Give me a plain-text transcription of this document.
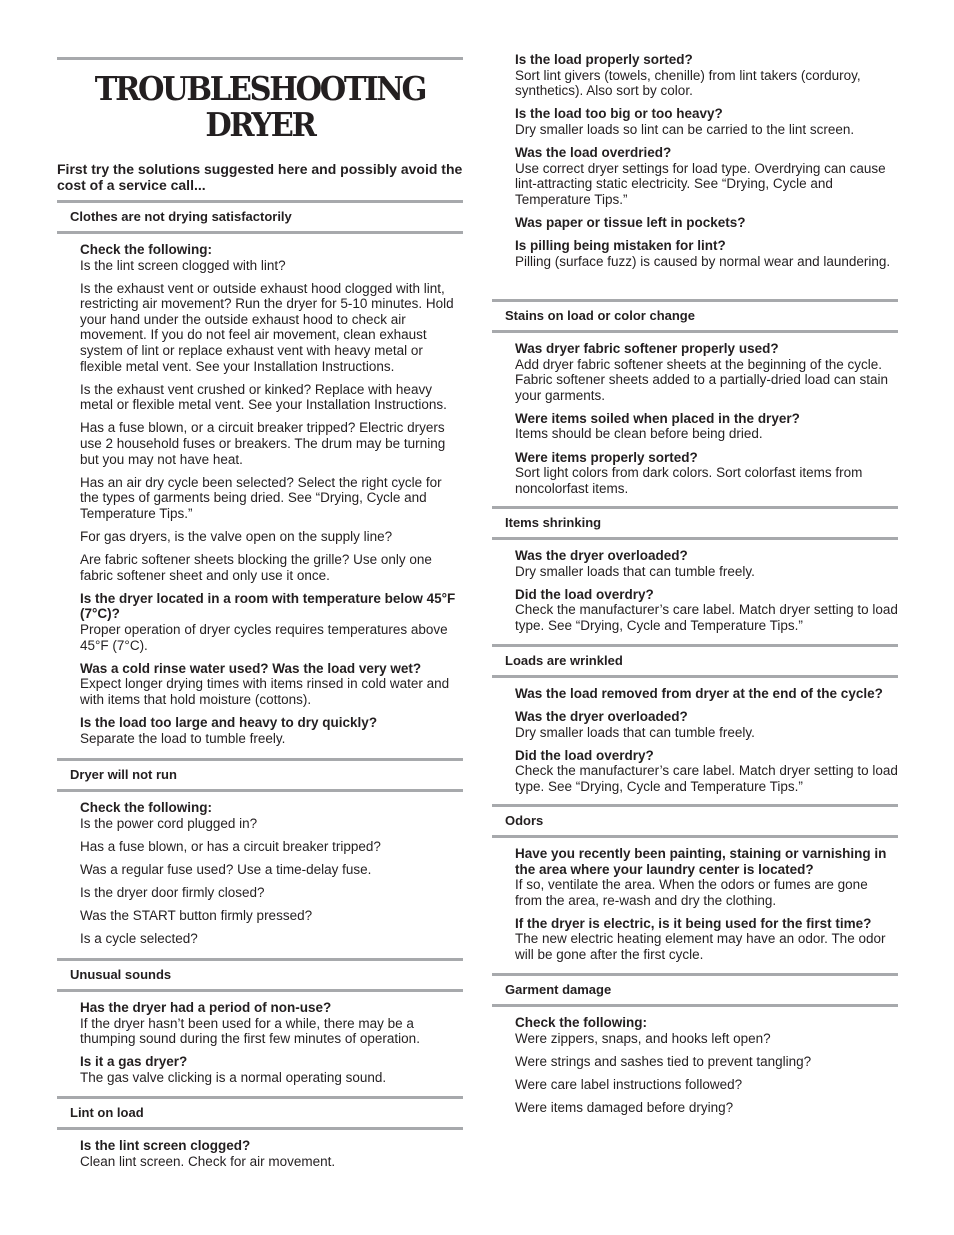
TROUBLESHOOTING
DRYER
First try the solutions suggested here and possibly avoid the cost of a service call...
Clothes are not drying satisfactorily
Check the following:
Is the lint screen clogged with lint?
Is the exhaust vent or outside exhaust hood clogged with lint, restricting air movement? Run the dryer for 5-10 minutes. Hold your hand under the outside exhaust hood to check air movement. If you do not feel air movement, clean exhaust system of lint or replace exhaust vent with heavy metal or flexible metal vent. See your Installation Instructions.
Is the exhaust vent crushed or kinked? Replace with heavy metal or flexible metal vent. See your Installation Instructions.
Has a fuse blown, or a circuit breaker tripped? Electric dryers use 2 household fuses or breakers. The drum may be turning but you may not have heat.
Has an air dry cycle been selected? Select the right cycle for the types of garments being dried. See “Drying, Cycle and Temperature Tips.”
For gas dryers, is the valve open on the supply line?
Are fabric softener sheets blocking the grille? Use only one fabric softener sheet and only use it once.
Is the dryer located in a room with temperature below 45°F (7°C)?
Proper operation of dryer cycles requires temperatures above 45°F (7°C).
Was a cold rinse water used? Was the load very wet?
Expect longer drying times with items rinsed in cold water and with items that hold moisture (cottons).
Is the load too large and heavy to dry quickly?
Separate the load to tumble freely.
Dryer will not run
Check the following:
Is the power cord plugged in?
Has a fuse blown, or has a circuit breaker tripped?
Was a regular fuse used? Use a time-delay fuse.
Is the dryer door firmly closed?
Was the START button firmly pressed?
Is a cycle selected?
Unusual sounds
Has the dryer had a period of non-use?
If the dryer hasn’t been used for a while, there may be a thumping sound during the first few minutes of operation.
Is it a gas dryer?
The gas valve clicking is a normal operating sound.
Lint on load
Is the lint screen clogged?
Clean lint screen. Check for air movement.
Is the load properly sorted?
Sort lint givers (towels, chenille) from lint takers (corduroy, synthetics). Also sort by color.
Is the load too big or too heavy?
Dry smaller loads so lint can be carried to the lint screen.
Was the load overdried?
Use correct dryer settings for load type. Overdrying can cause lint-attracting static electricity. See “Drying, Cycle and Temperature Tips.”
Was paper or tissue left in pockets?
Is pilling being mistaken for lint?
Pilling (surface fuzz) is caused by normal wear and laundering.
Stains on load or color change
Was dryer fabric softener properly used?
Add dryer fabric softener sheets at the beginning of the cycle. Fabric softener sheets added to a partially-dried load can stain your garments.
Were items soiled when placed in the dryer?
Items should be clean before being dried.
Were items properly sorted?
Sort light colors from dark colors. Sort colorfast items from noncolorfast items.
Items shrinking
Was the dryer overloaded?
Dry smaller loads that can tumble freely.
Did the load overdry?
Check the manufacturer’s care label. Match dryer setting to load type. See “Drying, Cycle and Temperature Tips.”
Loads are wrinkled
Was the load removed from dryer at the end of the cycle?
Was the dryer overloaded?
Dry smaller loads that can tumble freely.
Did the load overdry?
Check the manufacturer’s care label. Match dryer setting to load type. See “Drying, Cycle and Temperature Tips.”
Odors
Have you recently been painting, staining or varnishing in the area where your laundry center is located?
If so, ventilate the area. When the odors or fumes are gone from the area, re-wash and dry the clothing.
If the dryer is electric, is it being used for the first time?
The new electric heating element may have an odor. The odor will be gone after the first cycle.
Garment damage
Check the following:
Were zippers, snaps, and hooks left open?
Were strings and sashes tied to prevent tangling?
Were care label instructions followed?
Were items damaged before drying?
